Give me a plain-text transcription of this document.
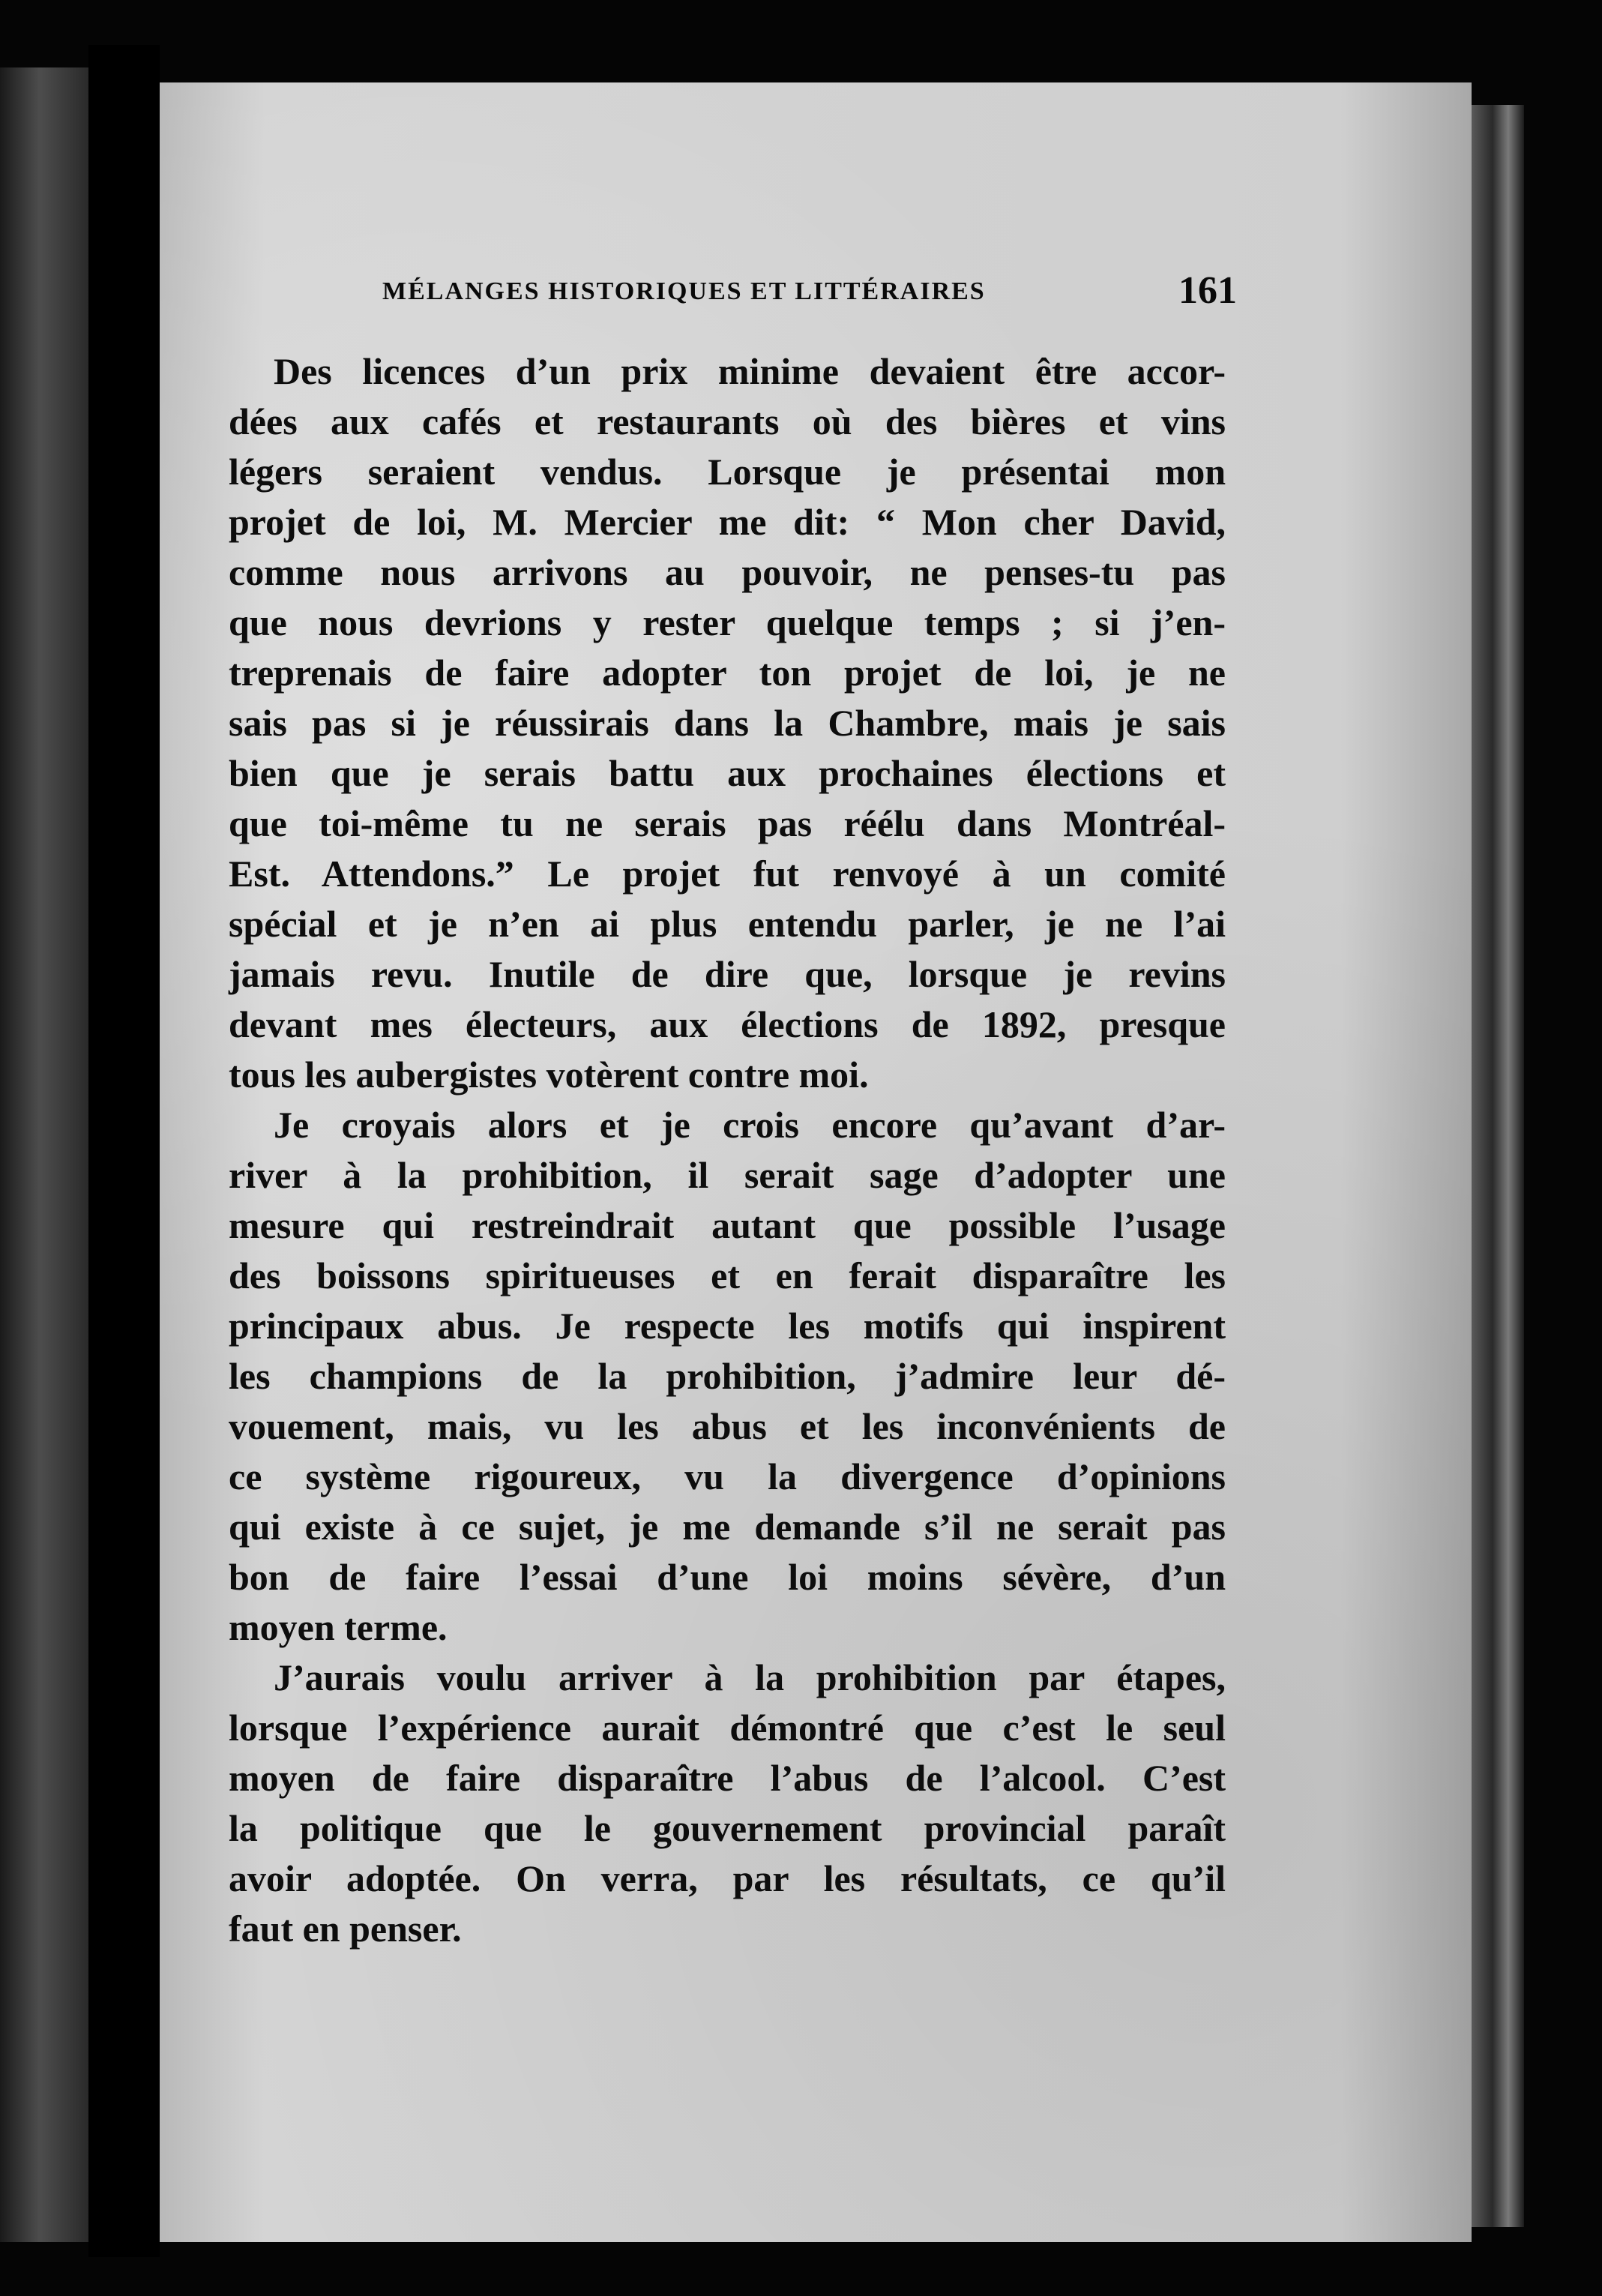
MÉLANGES HISTORIQUES ET LITTÉRAIRES	161

Des licences d’un prix minime devaient être accor-
dées aux cafés et restaurants où des bières et vins
légers seraient vendus. Lorsque je présentai mon
projet de loi, M. Mercier me dit: “ Mon cher David,
comme nous arrivons au pouvoir, ne penses-tu pas
que nous devrions y rester quelque temps ; si j’en-
treprenais de faire adopter ton projet de loi, je ne
sais pas si je réussirais dans la Chambre, mais je sais
bien que je serais battu aux prochaines élections et
que toi-même tu ne serais pas réélu dans Montréal-
Est. Attendons.” Le projet fut renvoyé à un comité
spécial et je n’en ai plus entendu parler, je ne l’ai
jamais revu. Inutile de dire que, lorsque je revins
devant mes électeurs, aux élections de 1892, presque
tous les aubergistes votèrent contre moi.

Je croyais alors et je crois encore qu’avant d’ar-
river à la prohibition, il serait sage d’adopter une
mesure qui restreindrait autant que possible l’usage
des boissons spiritueuses et en ferait disparaître les
principaux abus. Je respecte les motifs qui inspirent
les champions de la prohibition, j’admire leur dé-
vouement, mais, vu les abus et les inconvénients de
ce système rigoureux, vu la divergence d’opinions
qui existe à ce sujet, je me demande s’il ne serait pas
bon de faire l’essai d’une loi moins sévère, d’un
moyen terme.

J’aurais voulu arriver à la prohibition par étapes,
lorsque l’expérience aurait démontré que c’est le seul
moyen de faire disparaître l’abus de l’alcool. C’est
la politique que le gouvernement provincial paraît
avoir adoptée. On verra, par les résultats, ce qu’il
faut en penser.
